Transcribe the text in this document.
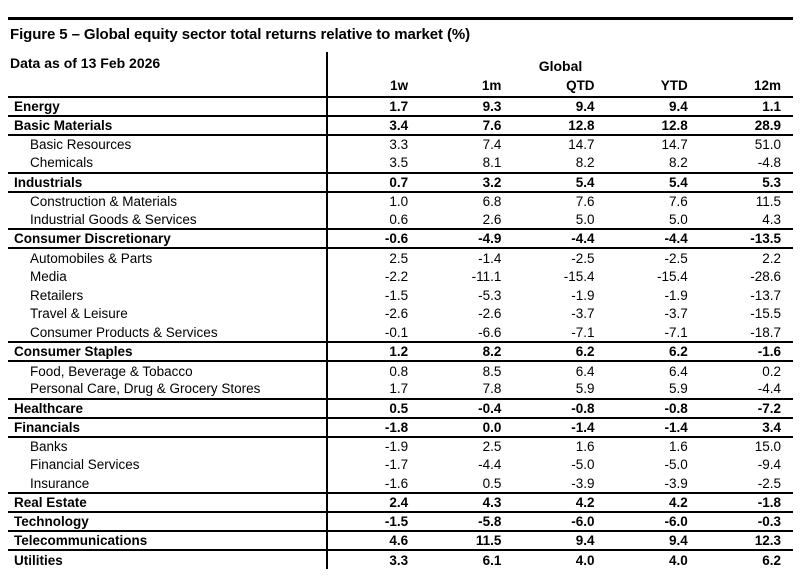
Figure 5 – Global equity sector total returns relative to market (%)
Data as of 13 Feb 2026	Global				
	1w	1m	QTD	YTD	12m
Energy	1.7	9.3	9.4	9.4	1.1
Basic Materials	3.4	7.6	12.8	12.8	28.9
Basic Resources	3.3	7.4	14.7	14.7	51.0
Chemicals	3.5	8.1	8.2	8.2	-4.8
Industrials	0.7	3.2	5.4	5.4	5.3
Construction & Materials	1.0	6.8	7.6	7.6	11.5
Industrial Goods & Services	0.6	2.6	5.0	5.0	4.3
Consumer Discretionary	-0.6	-4.9	-4.4	-4.4	-13.5
Automobiles & Parts	2.5	-1.4	-2.5	-2.5	2.2
Media	-2.2	-11.1	-15.4	-15.4	-28.6
Retailers	-1.5	-5.3	-1.9	-1.9	-13.7
Travel & Leisure	-2.6	-2.6	-3.7	-3.7	-15.5
Consumer Products & Services	-0.1	-6.6	-7.1	-7.1	-18.7
Consumer Staples	1.2	8.2	6.2	6.2	-1.6
Food, Beverage & Tobacco	0.8	8.5	6.4	6.4	0.2
Personal Care, Drug & Grocery Stores	1.7	7.8	5.9	5.9	-4.4
Healthcare	0.5	-0.4	-0.8	-0.8	-7.2
Financials	-1.8	0.0	-1.4	-1.4	3.4
Banks	-1.9	2.5	1.6	1.6	15.0
Financial Services	-1.7	-4.4	-5.0	-5.0	-9.4
Insurance	-1.6	0.5	-3.9	-3.9	-2.5
Real Estate	2.4	4.3	4.2	4.2	-1.8
Technology	-1.5	-5.8	-6.0	-6.0	-0.3
Telecommunications	4.6	11.5	9.4	9.4	12.3
Utilities	3.3	6.1	4.0	4.0	6.2
